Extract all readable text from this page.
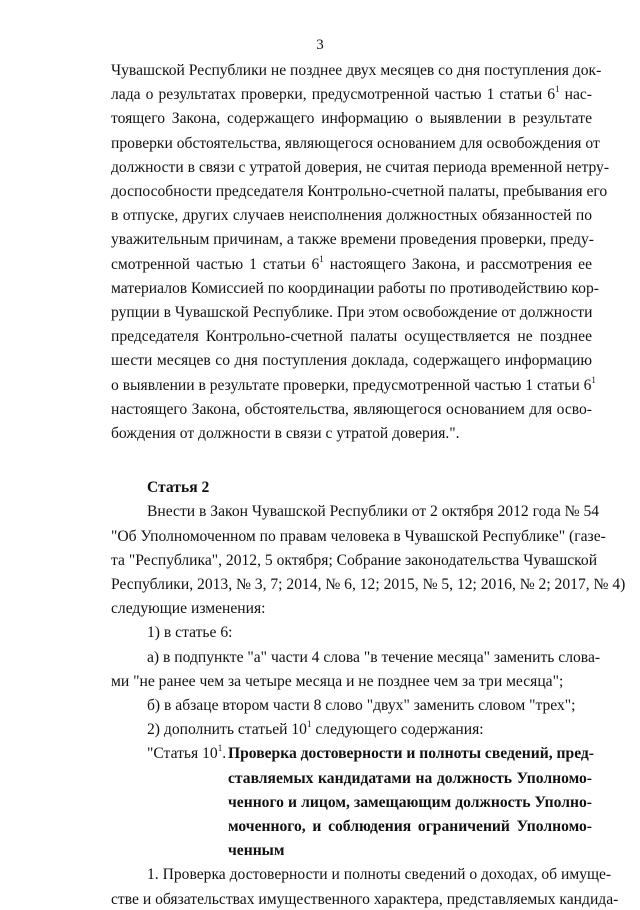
3
Чувашской Республики не позднее двух месяцев со дня поступления док-
лада о результатах проверки, предусмотренной частью 1 статьи $6^1$ нас-
тоящего Закона, содержащего информацию о выявлении в результате
проверки обстоятельства, являющегося основанием для освобождения от
должности в связи с утратой доверия, не считая периода временной нетру-
доспособности председателя Контрольно-счетной палаты, пребывания его
в отпуске, других случаев неисполнения должностных обязанностей по
уважительным причинам, а также времени проведения проверки, преду-
смотренной частью 1 статьи $6^1$ настоящего Закона, и рассмотрения ее
материалов Комиссией по координации работы по противодействию кор-
рупции в Чувашской Республике. При этом освобождение от должности
председателя Контрольно-счетной палаты осуществляется не позднее
шести месяцев со дня поступления доклада, содержащего информацию
о выявлении в результате проверки, предусмотренной частью 1 статьи $6^1$
настоящего Закона, обстоятельства, являющегося основанием для осво-
бождения от должности в связи с утратой доверия.".
Статья 2
Внести в Закон Чувашской Республики от 2 октября 2012 года № 54
"Об Уполномоченном по правам человека в Чувашской Республике" (газе-
та "Республика", 2012, 5 октября; Собрание законодательства Чувашской
Республики, 2013, № 3, 7; 2014, № 6, 12; 2015, № 5, 12; 2016, № 2; 2017, № 4)
следующие изменения:
1) в статье 6:
а) в подпункте "а" части 4 слова "в течение месяца" заменить слова-
ми "не ранее чем за четыре месяца и не позднее чем за три месяца";
б) в абзаце втором части 8 слово "двух" заменить словом "трех";
2) дополнить статьей $10^1$ следующего содержания:
"Статья $10^1$. Проверка достоверности и полноты сведений, пред-
ставляемых кандидатами на должность Уполномо-
ченного и лицом, замещающим должность Уполно-
моченного, и соблюдения ограничений Уполномо-
ченным
1. Проверка достоверности и полноты сведений о доходах, об имуще-
стве и обязательствах имущественного характера, представляемых кандида-
